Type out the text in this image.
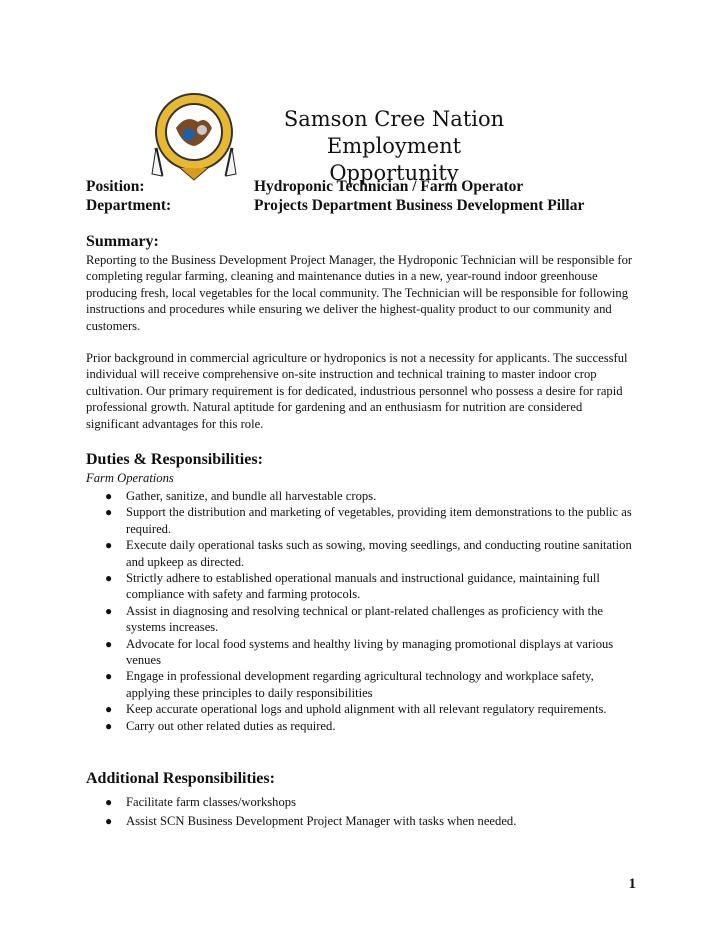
Samson Cree Nation
Employment Opportunity
Position:	Hydroponic Technician / Farm Operator
Department:	Projects Department Business Development Pillar
Summary:

Reporting to the Business Development Project Manager, the Hydroponic Technician will be responsible for completing regular farming, cleaning and maintenance duties in a new, year-round indoor greenhouse producing fresh, local vegetables for the local community. The Technician will be responsible for following instructions and procedures while ensuring we deliver the highest-quality product to our community and customers.

Prior background in commercial agriculture or hydroponics is not a necessity for applicants. The successful individual will receive comprehensive on-site instruction and technical training to master indoor crop cultivation. Our primary requirement is for dedicated, industrious personnel who possess a desire for rapid professional growth. Natural aptitude for gardening and an enthusiasm for nutrition are considered significant advantages for this role.

Duties & Responsibilities:
Farm Operations
● Gather, sanitize, and bundle all harvestable crops.
● Support the distribution and marketing of vegetables, providing item demonstrations to the public as required.
● Execute daily operational tasks such as sowing, moving seedlings, and conducting routine sanitation and upkeep as directed.
● Strictly adhere to established operational manuals and instructional guidance, maintaining full compliance with safety and farming protocols.
● Assist in diagnosing and resolving technical or plant-related challenges as proficiency with the systems increases.
● Advocate for local food systems and healthy living by managing promotional displays at various venues
● Engage in professional development regarding agricultural technology and workplace safety, applying these principles to daily responsibilities
● Keep accurate operational logs and uphold alignment with all relevant regulatory requirements.
● Carry out other related duties as required.
Additional Responsibilities:
● Facilitate farm classes/workshops
● Assist SCN Business Development Project Manager with tasks when needed.
1
